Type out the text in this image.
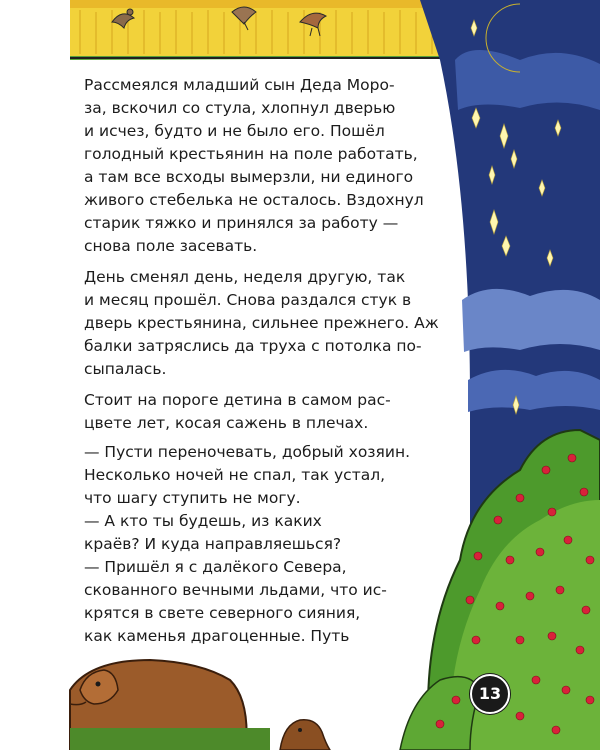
Рассмеялся младший сын Деда Моро-
за, вскочил со стула, хлопнул дверью
и исчез, будто и не было его. Пошёл
голодный крестьянин на поле работать,
а там все всходы вымерзли, ни единого
живого стебелька не осталось. Вздохнул
старик тяжко и принялся за работу —
снова поле засевать.
День сменял день, неделя другую, так
и месяц прошёл. Снова раздался стук в
дверь крестьянина, сильнее прежнего. Аж
балки затряслись да труха с потолка по-
сыпалась.
Стоит на пороге детина в самом рас-
цвете лет, косая сажень в плечах.
— Пусти переночевать, добрый хозяин.
Несколько ночей не спал, так устал,
что шагу ступить не могу.
— А кто ты будешь, из каких
краёв? И куда направляешься?
— Пришёл я с далёкого Севера,
скованного вечными льдами, что ис-
крятся в свете северного сияния,
как каменья драгоценные. Путь
13
